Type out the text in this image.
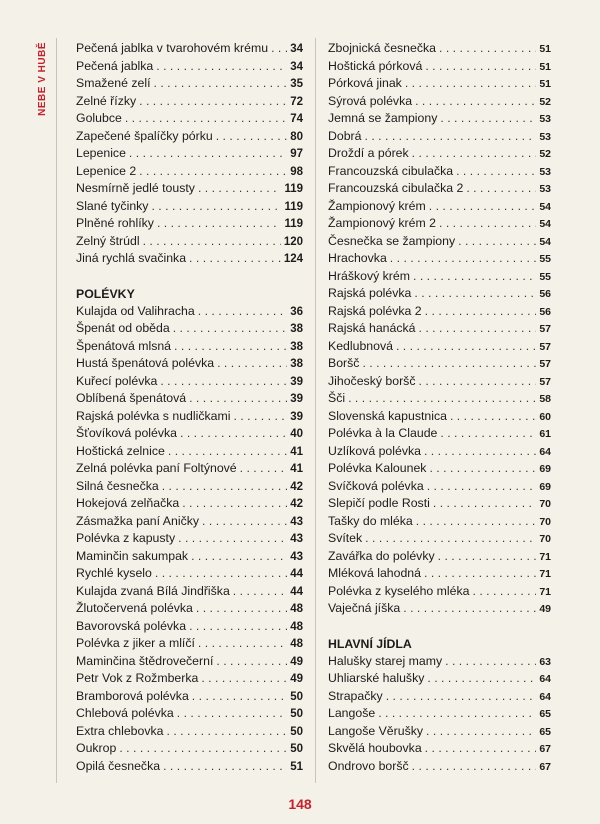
NEBE V HUBĚ Pečená jablka v tvarohovém krému . . . 34
Pečená jablka . . .	34
Smažené zelí . . .	35
Zelné řízky . . .	72
Golubce . . .	74
Zapečené špalíčky pórku . . .	80
Lepenice . . .	97
Lepenice 2 . . .	98
Nesmírně jedlé tousty . . .	119
Slané tyčinky . . .	119
Plněné rohlíky . . .	119
Zelný štrúdl . . .	120
Jiná rychlá svačinka . . .	124
POLÉVKY
Kulajda od Valihracha . . .	36
Špenát od oběda . . .	38
Špenátová mlsná . . .	38
Hustá špenátová polévka . . .	38
Kuřecí polévka . . .	39
Oblíbená špenátová . . .	39
Rajská polévka s nudličkami . . .	39
Šťovíková polévka . . .	40
Hoštická zelnice . . .	41
Zelná polévka paní Foltýnové . . .	41
Silná česnečka . . .	42
Hokejová zelňačka . . .	42
Zásmažka paní Aničky . . .	43
Polévka z kapusty . . .	43
Maminčin sakumpak . . .	43
Rychlé kyselo . . .	44
Kulajda zvaná Bílá Jindřiška . . .	44
Žlutočervená polévka . . .	48
Bavorovská polévka . . .	48
Polévka z jiker a mlíčí . . .	48
Maminčina štědrovečerní . . .	49
Petr Vok z Rožmberka . . .	49
Bramborová polévka . . .	50
Chlebová polévka . . .	50
Extra chlebovka . . .	50
Oukrop . . .	50
Opilá česnečka . . .	51
Zbojnická česnečka . . .	51
Hoštická pórková . . .	51
Pórková jinak . . .	51
Sýrová polévka . . .	52
Jemná se žampiony . . .	53
Dobrá . . .	53
Droždí a pórek . . .	52
Francouzská cibulačka . . .	53
Francouzská cibulačka 2 . . .	53
Žampionový krém . . .	54
Žampionový krém 2 . . .	54
Česnečka se žampiony . . .	54
Hrachovka . . .	55
Hráškový krém . . .	55
Rajská polévka . . .	56
Rajská polévka 2 . . .	56
Rajská hanácká . . .	57
Kedlubnová . . .	57
Boršč . . .	57
Jihočeský boršč . . .	57
Šči . . .	58
Slovenská kapustnica . . .	60
Polévka à la Claude . . .	61
Uzlíková polévka . . .	64
Polévka Kalounek . . .	69
Svíčková polévka . . .	69
Slepičí podle Rosti . . .	70
Tašky do mléka . . .	70
Svítek . . .	70
Zavářka do polévky . . .	71
Mléková lahodná . . .	71
Polévka z kyselého mléka . . .	71
Vaječná jíška . . .	49
HLAVNÍ JÍDLA
Halušky starej mamy . . .	63
Uhliarské halušky . . .	64
Strapačky . . .	64
Langoše . . .	65
Langoše Věrušky . . .	65
Skvělá houbovka . . .	67
Ondrovo boršč . . .	67
148
